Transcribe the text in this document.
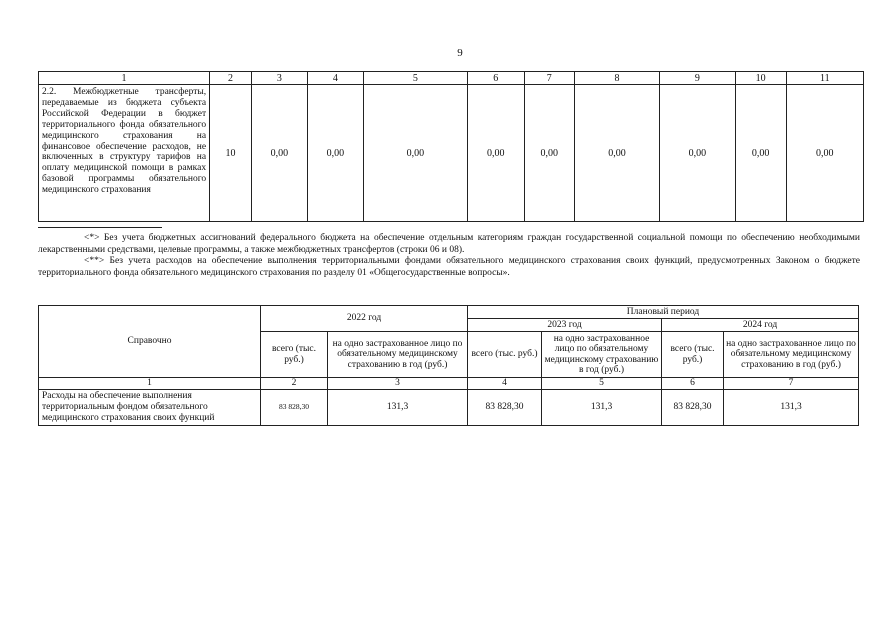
9
1	2	3	4	5	6	7	8	9	10	11
2.2. Межбюджетные трансферты, передаваемые из бюджета субъекта Российской Федерации в бюджет территориального фонда обязательного медицинского страхования на финансовое обеспечение расходов, не включенных в структуру тарифов на оплату медицинской помощи в рамках базовой программы обязательного медицинского страхования	10	0,00	0,00	0,00	0,00	0,00	0,00	0,00	0,00	0,00

<*> Без учета бюджетных ассигнований федерального бюджета на обеспечение отдельным категориям граждан государственной социальной помощи по обеспечению необходимыми лекарственными средствами, целевые программы, а также межбюджетных трансфертов (строки 06 и 08).

<**> Без учета расходов на обеспечение выполнения территориальными фондами обязательного медицинского страхования своих функций, предусмотренных Законом о бюджете территориального фонда обязательного медицинского страхования по разделу 01 «Общегосударственные вопросы».

Справочно	2022 год		Плановый период			
			2023 год		2024 год	
	всего (тыс. руб.)	на одно застрахованное лицо по обязательному медицинскому страхованию в год (руб.)	всего (тыс. руб.)	на одно застрахованное лицо по обязательному медицинскому страхованию в год (руб.)	всего (тыс. руб.)	на одно застрахованное лицо по обязательному медицинскому страхованию в год (руб.)
1	2	3	4	5	6	7
Расходы на обеспечение выполнения территориальным фондом обязательного медицинского страхования своих функций	83 828,30	131,3	83 828,30	131,3	83 828,30	131,3
